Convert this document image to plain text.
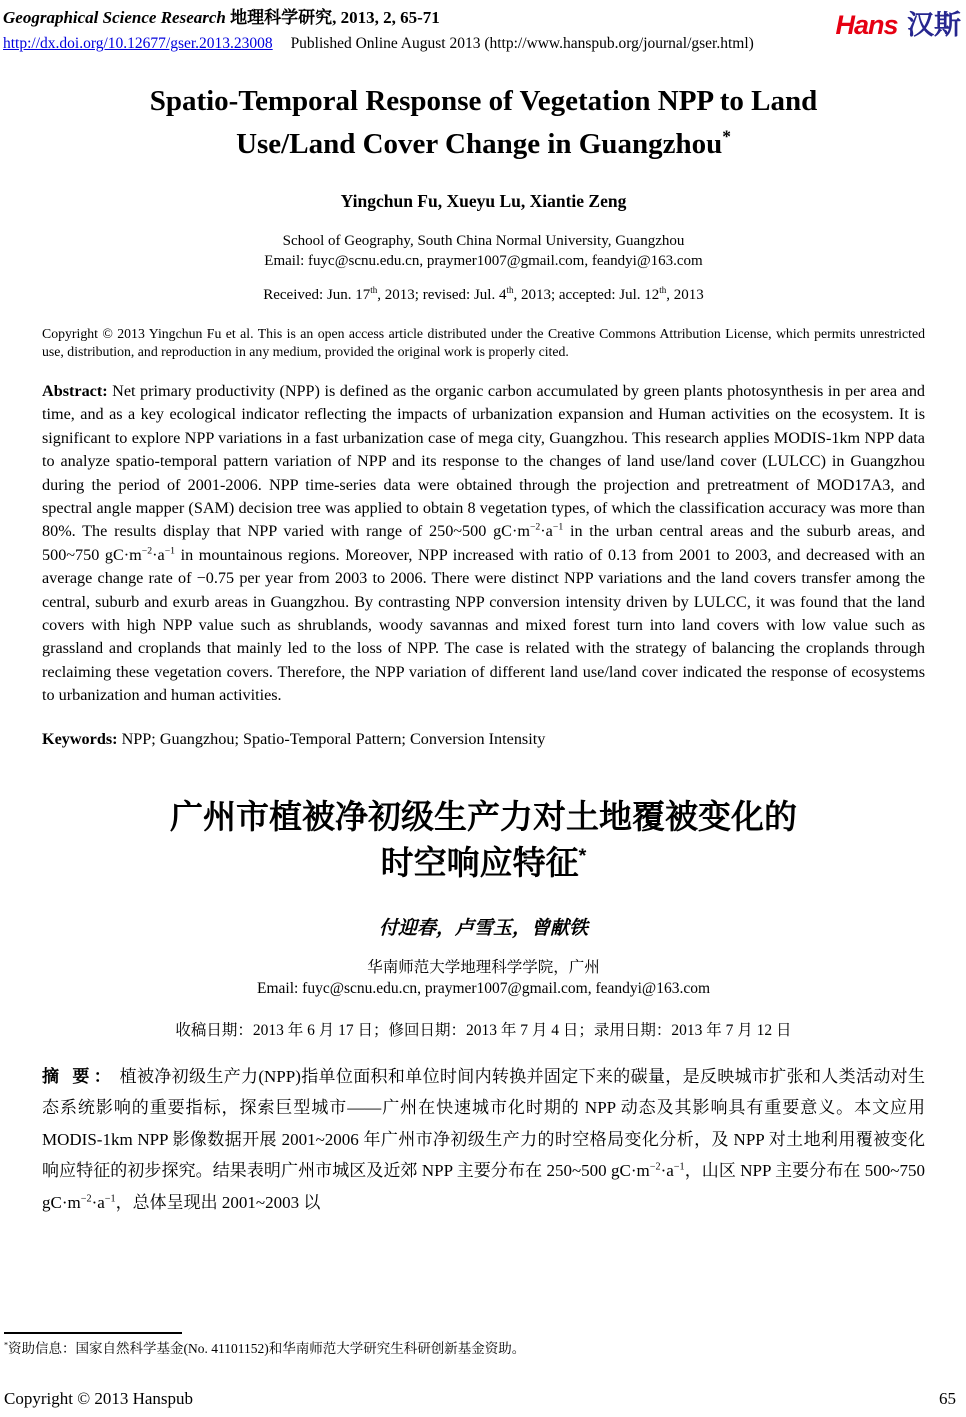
Geographical Science Research 地理科学研究, 2013, 2, 65-71
http://dx.doi.org/10.12677/gser.2013.23008 Published Online August 2013 (http://www.hanspub.org/journal/gser.html)
Hans 汉斯
Spatio-Temporal Response of Vegetation NPP to Land
Use/Land Cover Change in Guangzhou*
Yingchun Fu, Xueyu Lu, Xiantie Zeng
School of Geography, South China Normal University, Guangzhou
Email: fuyc@scnu.edu.cn, praymer1007@gmail.com, feandyi@163.com
Received: Jun. 17th, 2013; revised: Jul. 4th, 2013; accepted: Jul. 12th, 2013
Copyright © 2013 Yingchun Fu et al. This is an open access article distributed under the Creative Commons Attribution License, which permits unrestricted use, distribution, and reproduction in any medium, provided the original work is properly cited.
Abstract: Net primary productivity (NPP) is defined as the organic carbon accumulated by green plants photosynthesis in per area and time, and as a key ecological indicator reflecting the impacts of urbanization expansion and Human activities on the ecosystem. It is significant to explore NPP variations in a fast urbanization case of mega city, Guangzhou. This research applies MODIS-1km NPP data to analyze spatio-temporal pattern variation of NPP and its response to the changes of land use/land cover (LULCC) in Guangzhou during the period of 2001-2006. NPP time-series data were obtained through the projection and pretreatment of MOD17A3, and spectral angle mapper (SAM) decision tree was applied to obtain 8 vegetation types, of which the classification accuracy was more than 80%. The results display that NPP varied with range of 250~500 $gC\cdot m^{-2}\cdot a^{-1}$ in the urban central areas and the suburb areas, and 500~750 $gC\cdot m^{-2}\cdot a^{-1}$ in mountainous regions. Moreover, NPP increased with ratio of 0.13 from 2001 to 2003, and decreased with an average change rate of −0.75 per year from 2003 to 2006. There were distinct NPP variations and the land covers transfer among the central, suburb and exurb areas in Guangzhou. By contrasting NPP conversion intensity driven by LULCC, it was found that the land covers with high NPP value such as shrublands, woody savannas and mixed forest turn into land covers with low value such as grassland and croplands that mainly led to the loss of NPP. The case is related with the strategy of balancing the croplands through reclaiming these vegetation covers. Therefore, the NPP variation of different land use/land cover indicated the response of ecosystems to urbanization and human activities.
Keywords: NPP; Guangzhou; Spatio-Temporal Pattern; Conversion Intensity
广州市植被净初级生产力对土地覆被变化的
时空响应特征*
付迎春，卢雪玉，曾献铁
华南师范大学地理科学学院，广州
Email: fuyc@scnu.edu.cn, praymer1007@gmail.com, feandyi@163.com
收稿日期：2013 年 6 月 17 日；修回日期：2013 年 7 月 4 日；录用日期：2013 年 7 月 12 日
摘 要： 植被净初级生产力(NPP)指单位面积和单位时间内转换并固定下来的碳量，是反映城市扩张和人类活动对生态系统影响的重要指标，探索巨型城市——广州在快速城市化时期的 NPP 动态及其影响具有重要意义。本文应用 MODIS-1km NPP 影像数据开展 2001~2006 年广州市净初级生产力的时空格局变化分析，及 NPP 对土地利用覆被变化响应特征的初步探究。结果表明广州市城区及近郊 NPP 主要分布在 250~500 $gC\cdot m^{-2}\cdot a^{-1}$，山区 NPP 主要分布在 500~750 $gC\cdot m^{-2}\cdot a^{-1}$，总体呈现出 2001~2003 以
*资助信息：国家自然科学基金(No. 41101152)和华南师范大学研究生科研创新基金资助。
Copyright © 2013 Hanspub	65
